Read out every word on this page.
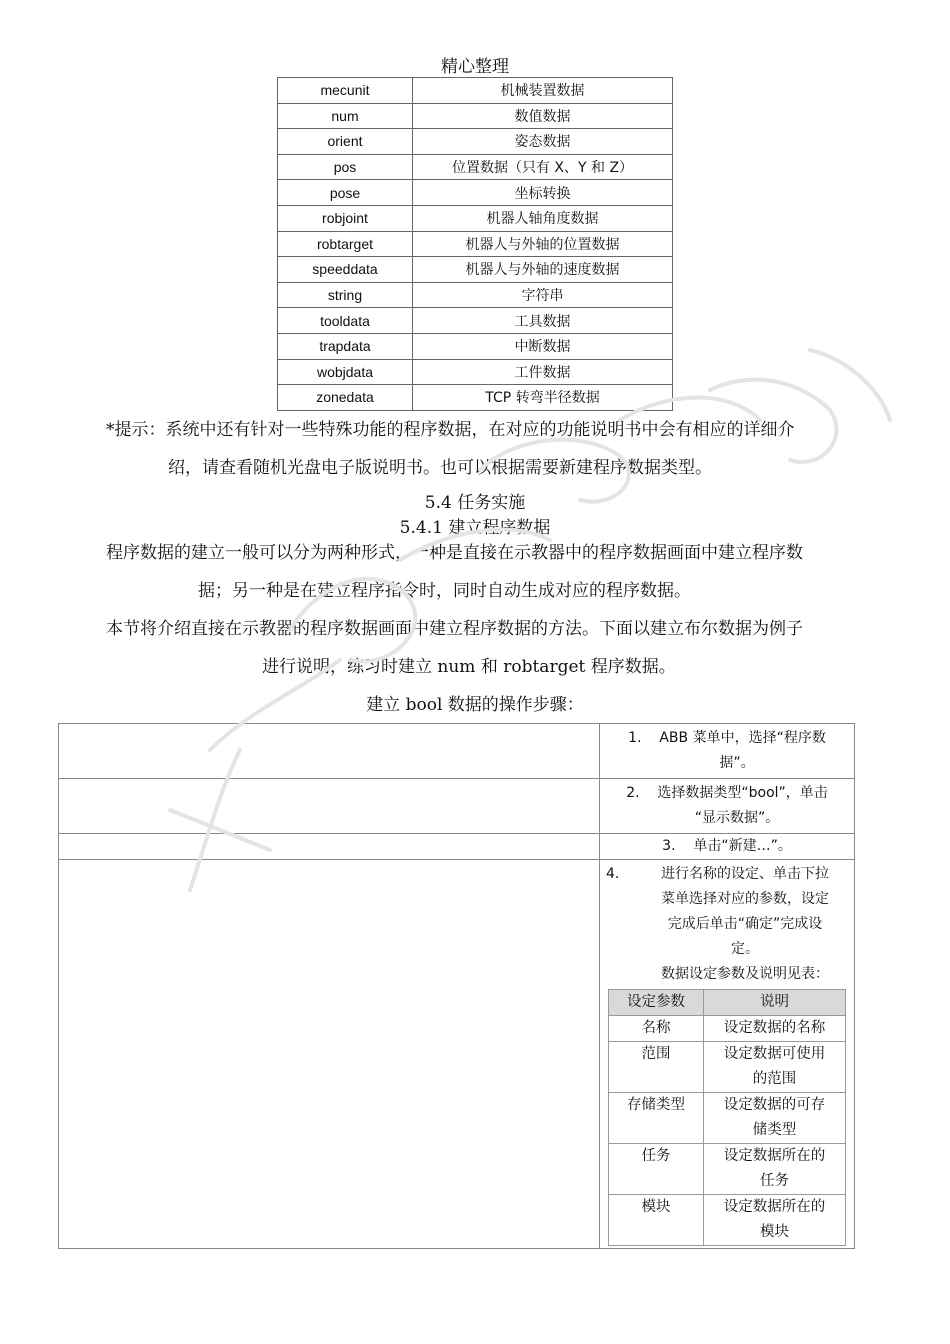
精心整理
mecunit	机械装置数据
num	数值数据
orient	姿态数据
pos	位置数据（只有 X、Y 和 Z）
pose	坐标转换
robjoint	机器人轴角度数据
robtarget	机器人与外轴的位置数据
speeddata	机器人与外轴的速度数据
string	字符串
tooldata	工具数据
trapdata	中断数据
wobjdata	工件数据
zonedata	TCP 转弯半径数据
*提示：系统中还有针对一些特殊功能的程序数据，在对应的功能说明书中会有相应的详细介
绍，请查看随机光盘电子版说明书。也可以根据需要新建程序数据类型。
5.4 任务实施
5.4.1 建立程序数据
程序数据的建立一般可以分为两种形式，一种是直接在示教器中的程序数据画面中建立程序数
据；另一种是在建立程序指令时，同时自动生成对应的程序数据。
本节将介绍直接在示教器的程序数据画面中建立程序数据的方法。下面以建立布尔数据为例子
进行说明，练习时建立 num 和 robtarget 程序数据。
建立 bool 数据的操作步骤：

1. ABB 菜单中，选择“程序数
据”。

2. 选择数据类型“bool”，单击
“显示数据”。

3. 单击“新建…”。

4.	进行名称的设定、单击下拉
菜单选择对应的参数，设定
完成后单击“确定”完成设
定。
数据设定参数及说明见表：
设定参数	说明
名称	设定数据的名称

范围	设定数据可使用
的范围

存储类型	设定数据的可存
储类型

任务	设定数据所在的
任务

模块	设定数据所在的
模块
